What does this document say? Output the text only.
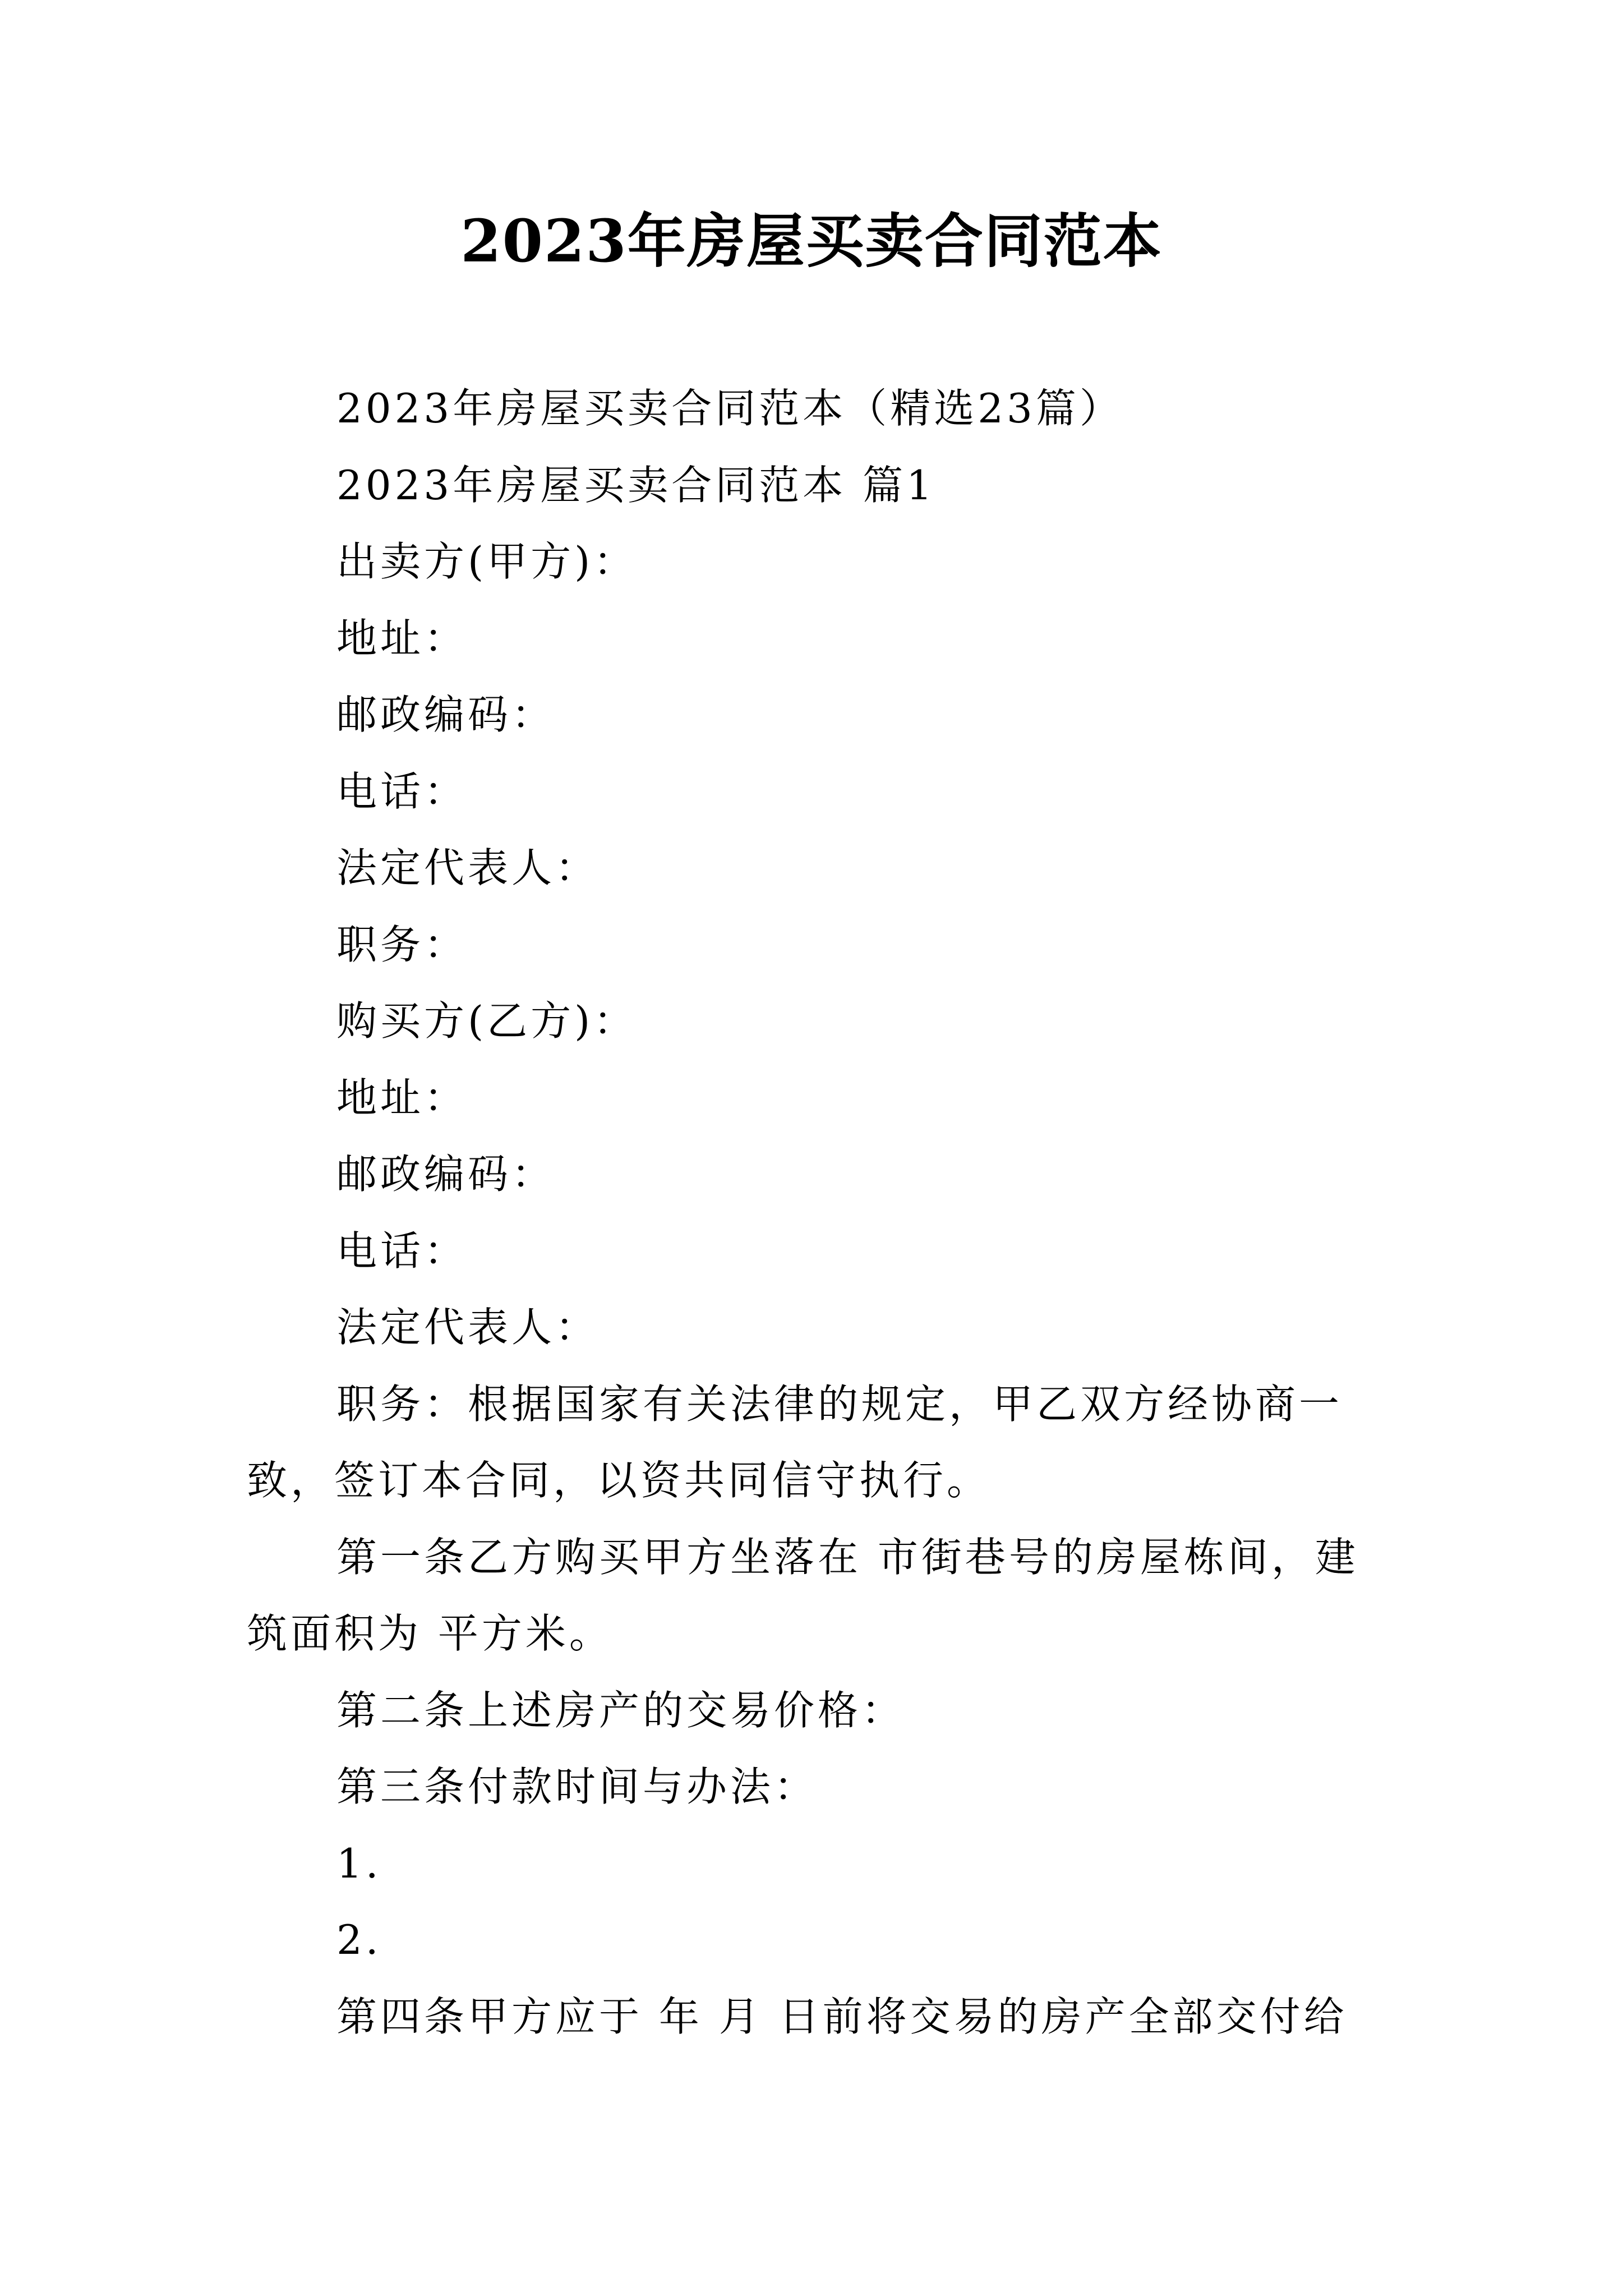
2023年房屋买卖合同范本

2023年房屋买卖合同范本（精选23篇）

2023年房屋买卖合同范本 篇1

出卖方(甲方)：

地址：

邮政编码：

电话：

法定代表人：

职务：

购买方(乙方)：

地址：

邮政编码：

电话：

法定代表人：

职务：根据国家有关法律的规定，甲乙双方经协商一致，签订本合同，以资共同信守执行。

第一条乙方购买甲方坐落在 市街巷号的房屋栋间，建筑面积为 平方米。

第二条上述房产的交易价格：

第三条付款时间与办法：

1.

2.

第四条甲方应于 年 月 日前将交易的房产全部交付给
